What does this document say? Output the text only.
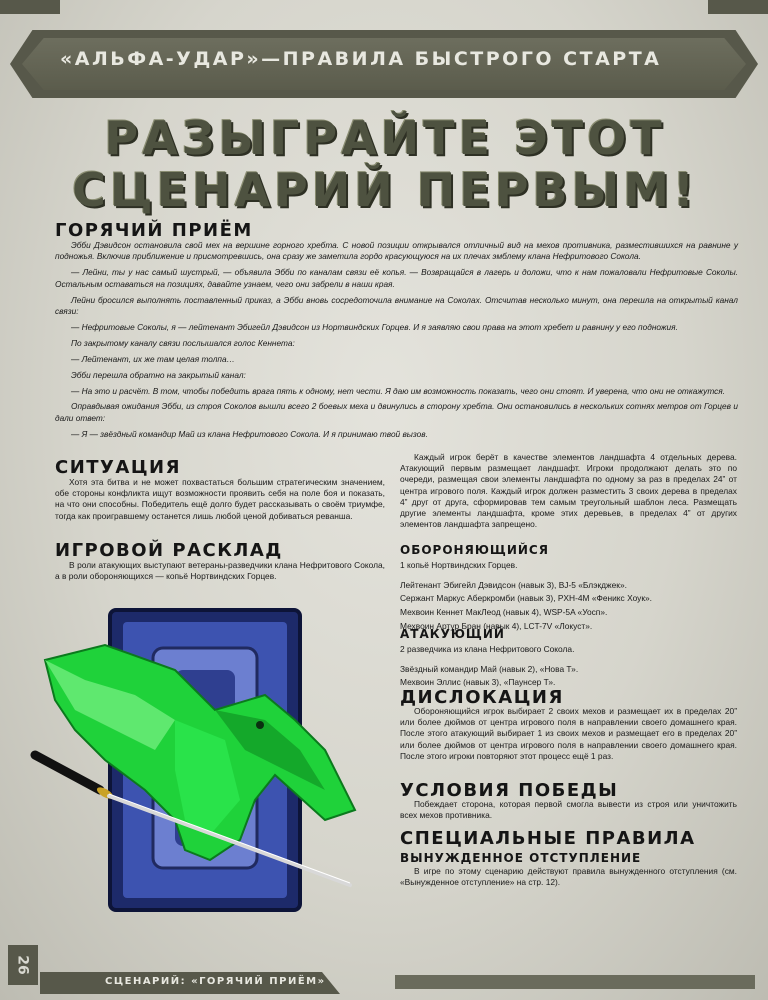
«АЛЬФА-УДАР»—ПРАВИЛА БЫСТРОГО СТАРТА
РАЗЫГРАЙТЕ ЭТОТ
СЦЕНАРИЙ ПЕРВЫМ!
ГОРЯЧИЙ ПРИЁМ

Эбби Дэвидсон остановила свой мех на вершине горного хребта. С новой позиции открывался отличный вид на мехов противника, разместившихся на равнине у подножья. Включив приближение и присмотревшись, она сразу же заметила гордо красующуюся на их плечах эмблему клана Нефритового Сокола.

— Лейни, ты у нас самый шустрый, — объявила Эбби по каналам связи её копья. — Возвращайся в лагерь и доложи, что к нам пожаловали Нефритовые Соколы. Остальным оставаться на позициях, давайте узнаем, чего они забрели в наши края.

Лейни бросился выполнять поставленный приказ, а Эбби вновь сосредоточила внимание на Соколах. Отсчитав несколько минут, она перешла на открытый канал связи:

— Нефритовые Соколы, я — лейтенант Эбигейл Дэвидсон из Нортвиндских Горцев. И я заявляю свои права на этот хребет и равнину у его подножия.

По закрытому каналу связи послышался голос Кеннета:

— Лейтенант, их же там целая толпа…

Эбби перешла обратно на закрытый канал:

— На это и расчёт. В том, чтобы победить врага пять к одному, нет чести. Я даю им возможность показать, чего они стоят. И уверена, что они не откажутся.

Оправдывая ожидания Эбби, из строя Соколов вышли всего 2 боевых меха и двинулись в сторону хребта. Они остановились в нескольких сотнях метров от Горцев и дали ответ:

— Я — звёздный командир Май из клана Нефритового Сокола. И я принимаю твой вызов.

СИТУАЦИЯ

Хотя эта битва и не может похвастаться большим стратегическим значением, обе стороны конфликта ищут возможности проявить себя на поле боя и показать, на что они способны. Победитель ещё долго будет рассказывать о своём триумфе, тогда как проигравшему останется лишь любой ценой добиваться реванша.

ИГРОВОЙ РАСКЛАД

В роли атакующих выступают ветераны-разведчики клана Нефритового Сокола, а в роли обороняющихся — копьё Нортвиндских Горцев.

Каждый игрок берёт в качестве элементов ландшафта 4 отдельных дерева. Атакующий первым размещает ландшафт. Игроки продолжают делать это по очереди, размещая свои элементы ландшафта по одному за раз в пределах 24” от центра игрового поля. Каждый игрок должен разместить 3 своих дерева в пределах 4” друг от друга, сформировав тем самым треугольный шаблон леса. Размещать другие элементы ландшафта, кроме этих деревьев, в пределах 4” от других элементов ландшафта запрещено.

ОБОРОНЯЮЩИЙСЯ

1 копьё Нортвиндских Горцев.

Лейтенант Эбигейл Дэвидсон (навык 3), BJ-5 «Блэкджек».

Сержант Маркус Аберкромби (навык 3), PXH-4M «Феникс Хоук».

Мехвоин Кеннет МакЛеод (навык 4), WSP-5A «Уосп».

Мехвоин Артур Бран (навык 4), LCT-7V «Локуст».

АТАКУЮЩИЙ

2 разведчика из клана Нефритового Сокола.

Звёздный командир Май (навык 2), «Нова Т».

Мехвоин Эллис (навык 3), «Паунсер Т».

ДИСЛОКАЦИЯ

Обороняющийся игрок выбирает 2 своих мехов и размещает их в пределах 20” или более дюймов от центра игрового поля в направлении своего домашнего края. После этого атакующий выбирает 1 из своих мехов и размещает его в пределах 20” или более дюймов от центра игрового поля в направлении своего домашнего края. После этого игроки повторяют этот процесс ещё 1 раз.

УСЛОВИЯ ПОБЕДЫ

Побеждает сторона, которая первой смогла вывести из строя или уничтожить всех мехов противника.

СПЕЦИАЛЬНЫЕ ПРАВИЛА
ВЫНУЖДЕННОЕ ОТСТУПЛЕНИЕ

В игре по этому сценарию действуют правила вынужденного отступления (см. «Вынужденное отступление» на стр. 12).

26
СЦЕНАРИЙ: «ГОРЯЧИЙ ПРИЁМ»
